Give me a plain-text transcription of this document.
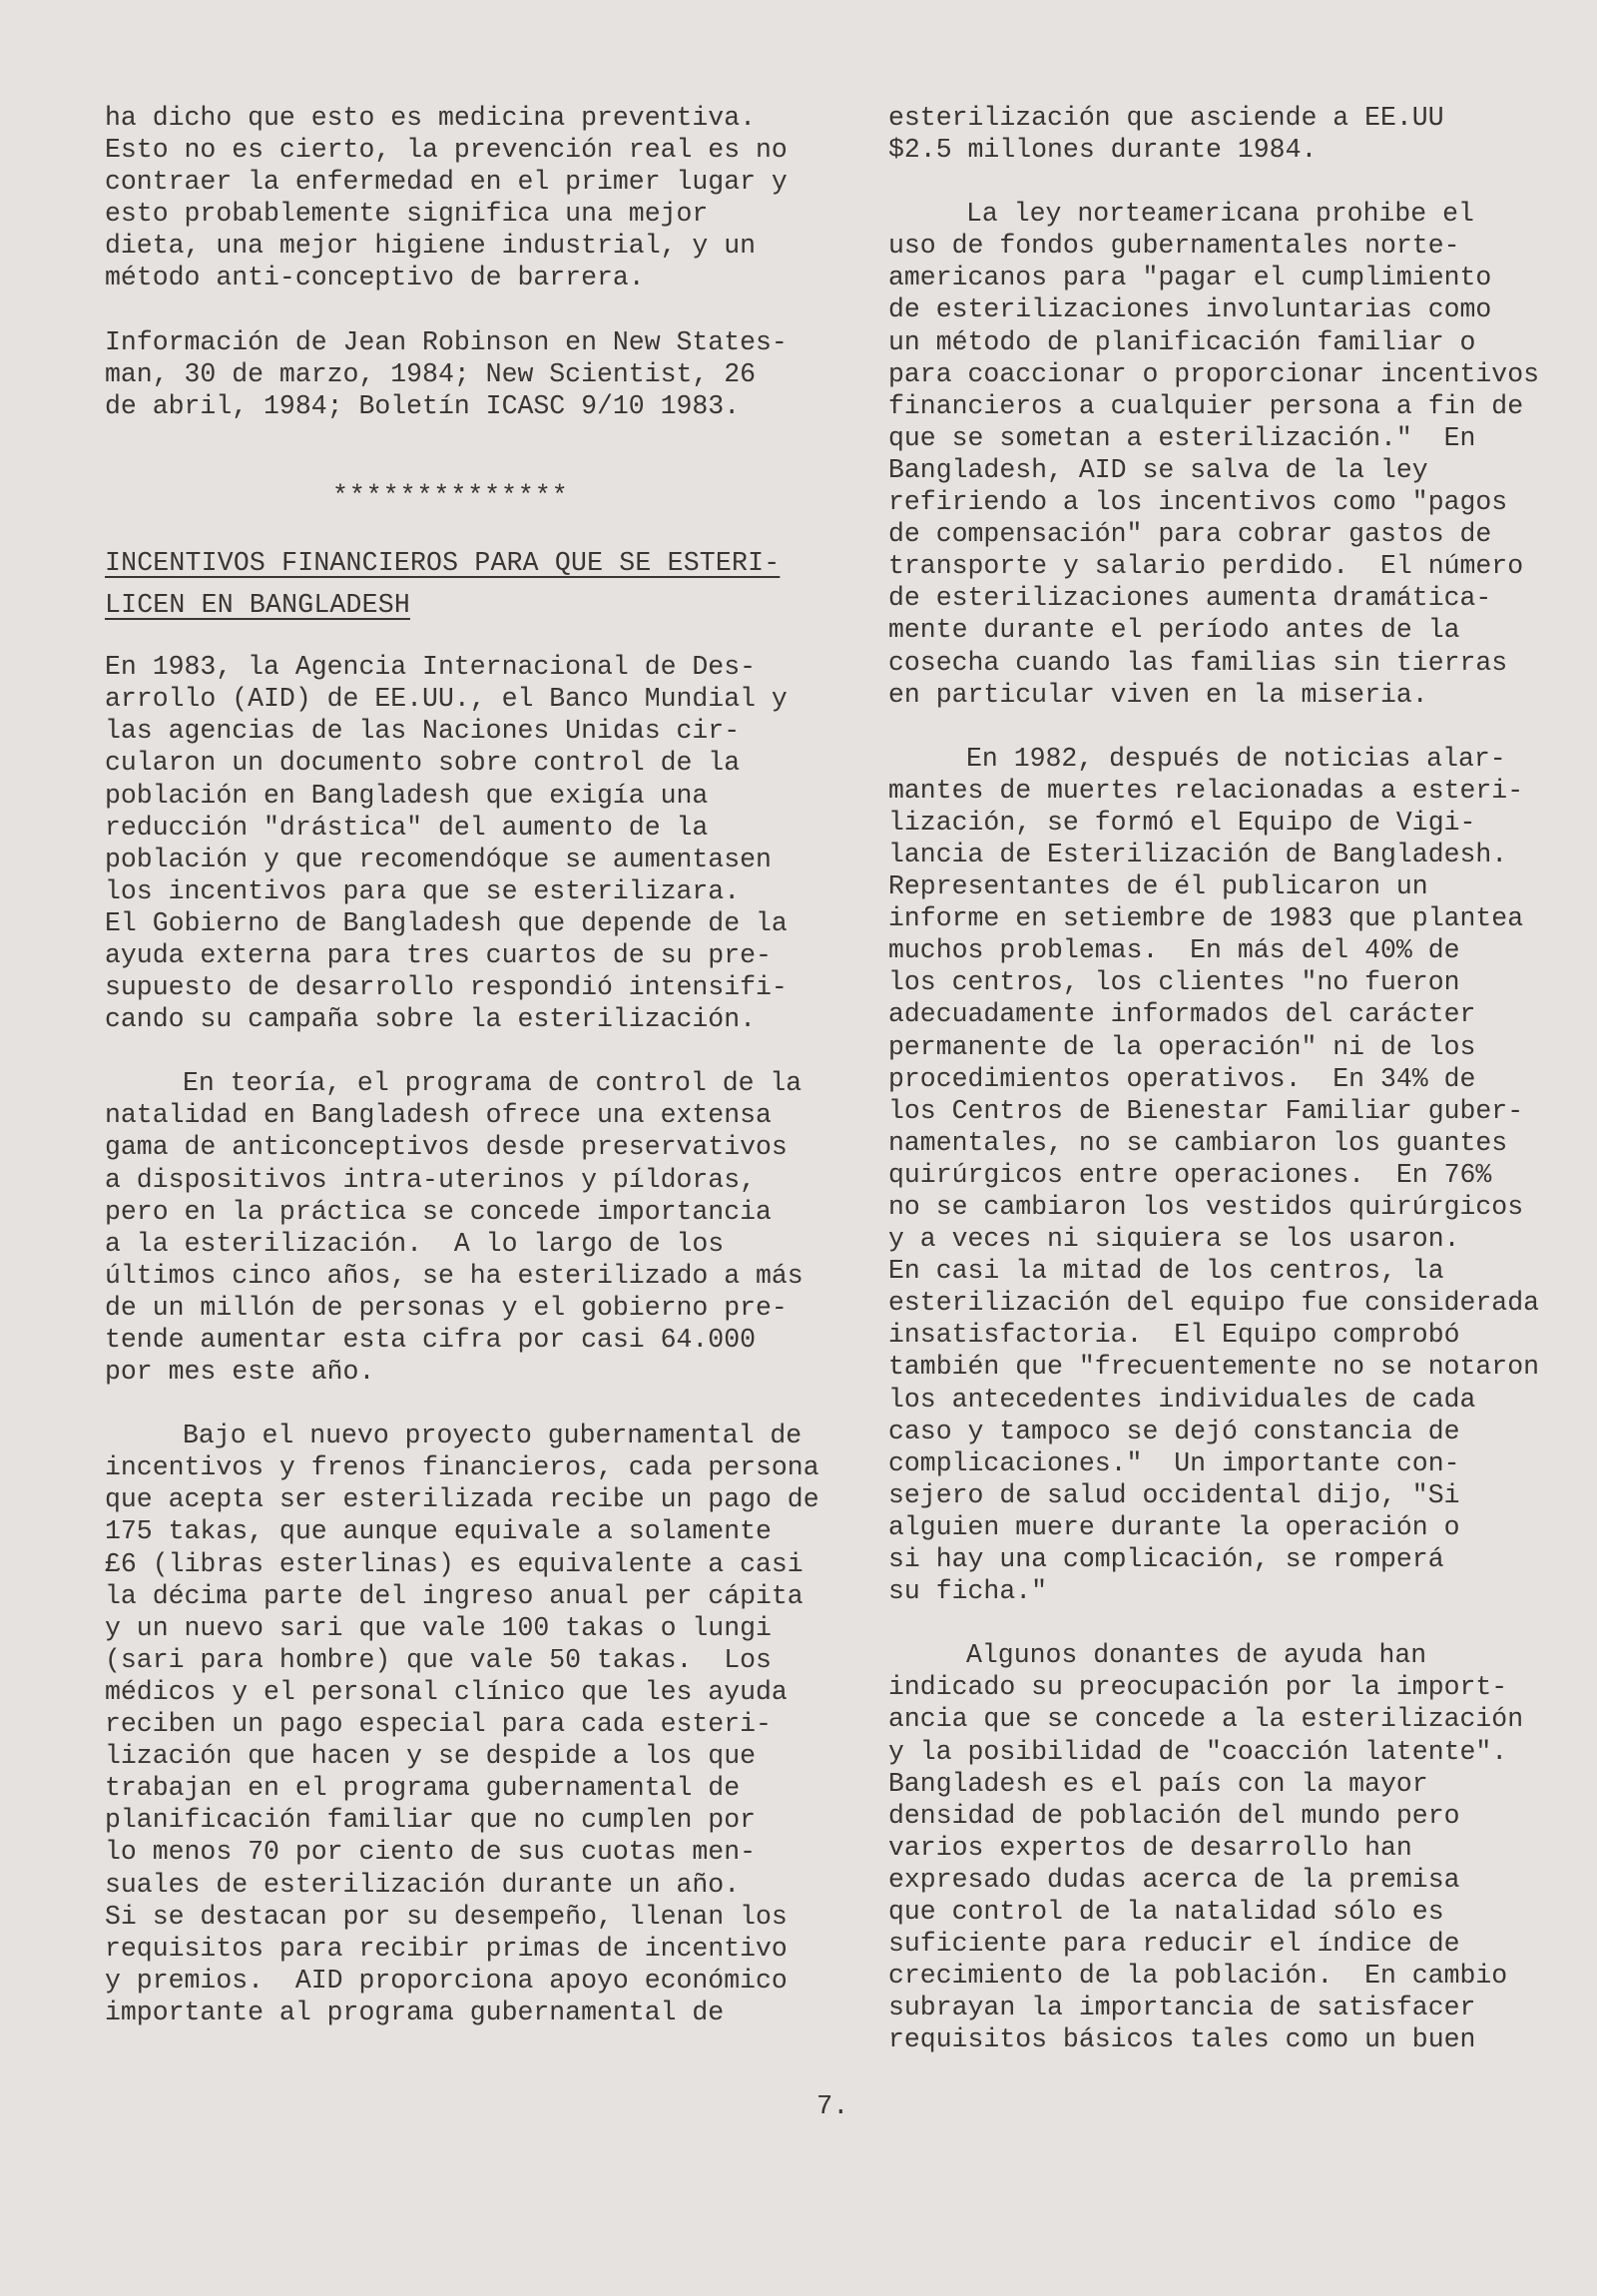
ha dicho que esto es medicina preventiva.
Esto no es cierto, la prevención real es no
contraer la enfermedad en el primer lugar y
esto probablemente significa una mejor
dieta, una mejor higiene industrial, y un
método anti-conceptivo de barrera.
Información de Jean Robinson en New States-
man, 30 de marzo, 1984; New Scientist, 26
de abril, 1984; Boletín ICASC 9/10 1983.
**************
INCENTIVOS FINANCIEROS PARA QUE SE ESTERI-
LICEN EN BANGLADESH
En 1983, la Agencia Internacional de Des-
arrollo (AID) de EE.UU., el Banco Mundial y
las agencias de las Naciones Unidas cir-
cularon un documento sobre control de la
población en Bangladesh que exigía una
reducción "drástica" del aumento de la
población y que recomendóque se aumentasen
los incentivos para que se esterilizara.
El Gobierno de Bangladesh que depende de la
ayuda externa para tres cuartos de su pre-
supuesto de desarrollo respondió intensifi-
cando su campaña sobre la esterilización.
En teoría, el programa de control de la
natalidad en Bangladesh ofrece una extensa
gama de anticonceptivos desde preservativos
a dispositivos intra-uterinos y píldoras,
pero en la práctica se concede importancia
a la esterilización.  A lo largo de los
últimos cinco años, se ha esterilizado a más
de un millón de personas y el gobierno pre-
tende aumentar esta cifra por casi 64.000
por mes este año.
Bajo el nuevo proyecto gubernamental de
incentivos y frenos financieros, cada persona
que acepta ser esterilizada recibe un pago de
175 takas, que aunque equivale a solamente
£6 (libras esterlinas) es equivalente a casi
la décima parte del ingreso anual per cápita
y un nuevo sari que vale 100 takas o lungi
(sari para hombre) que vale 50 takas.  Los
médicos y el personal clínico que les ayuda
reciben un pago especial para cada esteri-
lización que hacen y se despide a los que
trabajan en el programa gubernamental de
planificación familiar que no cumplen por
lo menos 70 por ciento de sus cuotas men-
suales de esterilización durante un año.
Si se destacan por su desempeño, llenan los
requisitos para recibir primas de incentivo
y premios.  AID proporciona apoyo económico
importante al programa gubernamental de
esterilización que asciende a EE.UU
$2.5 millones durante 1984.
La ley norteamericana prohibe el
uso de fondos gubernamentales norte-
americanos para "pagar el cumplimiento
de esterilizaciones involuntarias como
un método de planificación familiar o
para coaccionar o proporcionar incentivos
financieros a cualquier persona a fin de
que se sometan a esterilización."  En
Bangladesh, AID se salva de la ley
refiriendo a los incentivos como "pagos
de compensación" para cobrar gastos de
transporte y salario perdido.  El número
de esterilizaciones aumenta dramática-
mente durante el período antes de la
cosecha cuando las familias sin tierras
en particular viven en la miseria.
En 1982, después de noticias alar-
mantes de muertes relacionadas a esteri-
lización, se formó el Equipo de Vigi-
lancia de Esterilización de Bangladesh.
Representantes de él publicaron un
informe en setiembre de 1983 que plantea
muchos problemas.  En más del 40% de
los centros, los clientes "no fueron
adecuadamente informados del carácter
permanente de la operación" ni de los
procedimientos operativos.  En 34% de
los Centros de Bienestar Familiar guber-
namentales, no se cambiaron los guantes
quirúrgicos entre operaciones.  En 76%
no se cambiaron los vestidos quirúrgicos
y a veces ni siquiera se los usaron.
En casi la mitad de los centros, la
esterilización del equipo fue considerada
insatisfactoria.  El Equipo comprobó
también que "frecuentemente no se notaron
los antecedentes individuales de cada
caso y tampoco se dejó constancia de
complicaciones."  Un importante con-
sejero de salud occidental dijo, "Si
alguien muere durante la operación o
si hay una complicación, se romperá
su ficha."
Algunos donantes de ayuda han
indicado su preocupación por la import-
ancia que se concede a la esterilización
y la posibilidad de "coacción latente".
Bangladesh es el país con la mayor
densidad de población del mundo pero
varios expertos de desarrollo han
expresado dudas acerca de la premisa
que control de la natalidad sólo es
suficiente para reducir el índice de
crecimiento de la población.  En cambio
subrayan la importancia de satisfacer
requisitos básicos tales como un buen
7.
